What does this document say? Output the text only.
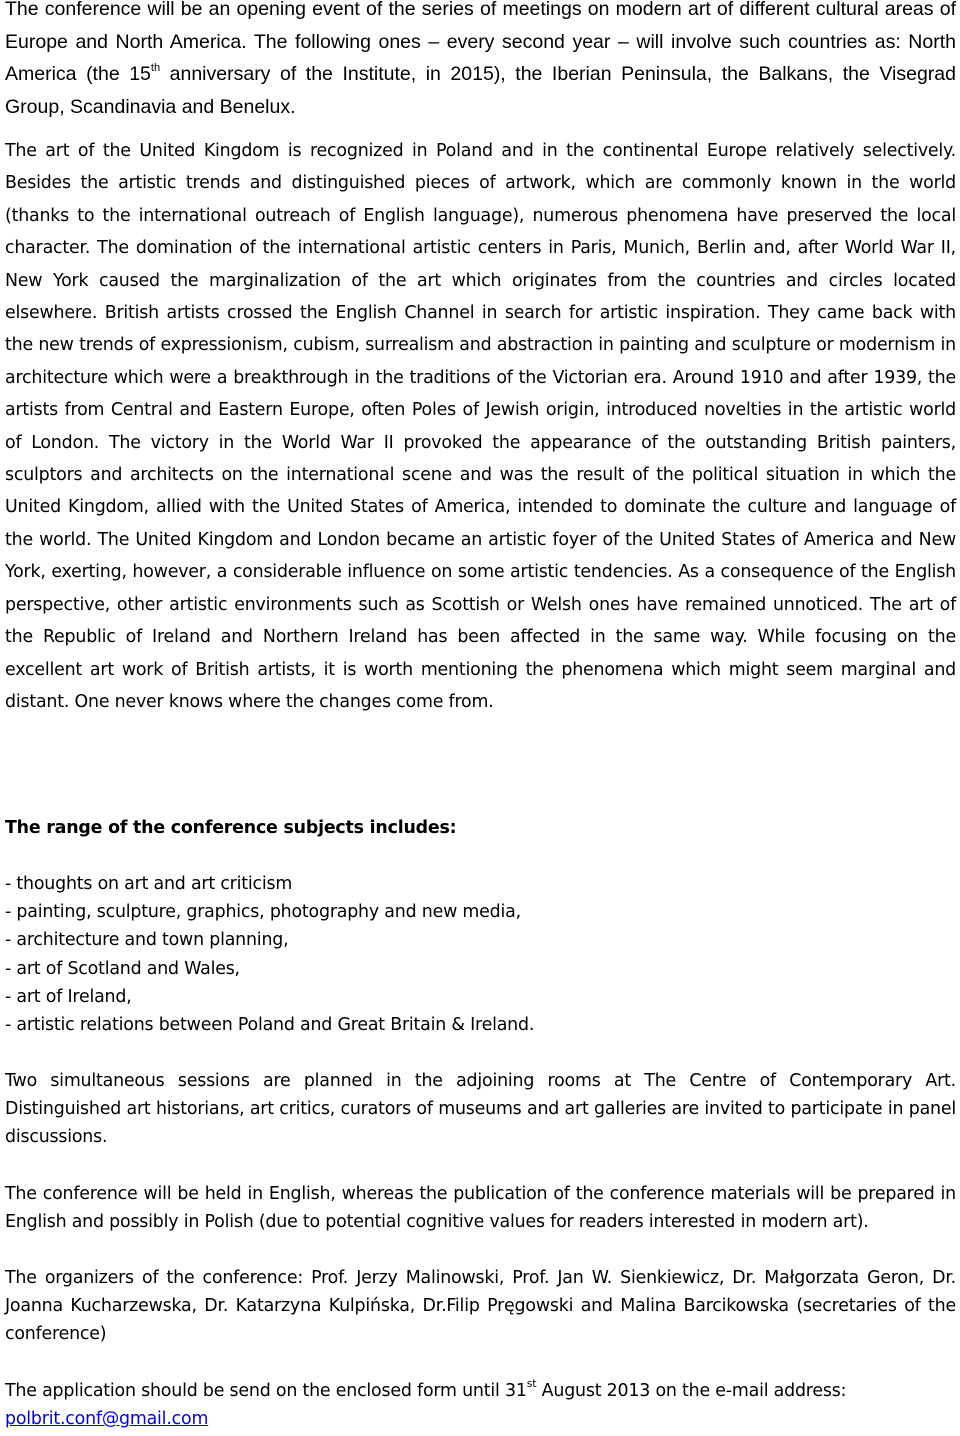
The conference will be an opening event of the series of meetings on modern art of different cultural areas of Europe and North America. The following ones – every second year – will involve such countries as: North America (the 15th anniversary of the Institute, in 2015), the Iberian Peninsula, the Balkans, the Visegrad Group, Scandinavia and Benelux.

The art of the United Kingdom is recognized in Poland and in the continental Europe relatively selectively. Besides the artistic trends and distinguished pieces of artwork, which are commonly known in the world (thanks to the international outreach of English language), numerous phenomena have preserved the local character. The domination of the international artistic centers in Paris, Munich, Berlin and, after World War II, New York caused the marginalization of the art which originates from the countries and circles located elsewhere. British artists crossed the English Channel in search for artistic inspiration. They came back with the new trends of expressionism, cubism, surrealism and abstraction in painting and sculpture or modernism in architecture which were a breakthrough in the traditions of the Victorian era. Around 1910 and after 1939, the artists from Central and Eastern Europe, often Poles of Jewish origin, introduced novelties in the artistic world of London. The victory in the World War II provoked the appearance of the outstanding British painters, sculptors and architects on the international scene and was the result of the political situation in which the United Kingdom, allied with the United States of America, intended to dominate the culture and language of the world. The United Kingdom and London became an artistic foyer of the United States of America and New York, exerting, however, a considerable influence on some artistic tendencies. As a consequence of the English perspective, other artistic environments such as Scottish or Welsh ones have remained unnoticed. The art of the Republic of Ireland and Northern Ireland has been affected in the same way. While focusing on the excellent art work of British artists, it is worth mentioning the phenomena which might seem marginal and distant. One never knows where the changes come from.

The range of the conference subjects includes:

- thoughts on art and art criticism
- painting, sculpture, graphics, photography and new media,
- architecture and town planning,
- art of Scotland and Wales,
- art of Ireland,
- artistic relations between Poland and Great Britain & Ireland.

Two simultaneous sessions are planned in the adjoining rooms at The Centre of Contemporary Art. Distinguished art historians, art critics, curators of museums and art galleries are invited to participate in panel discussions.

The conference will be held in English, whereas the publication of the conference materials will be prepared in English and possibly in Polish (due to potential cognitive values for readers interested in modern art).

The organizers of the conference: Prof. Jerzy Malinowski, Prof. Jan W. Sienkiewicz, Dr. Małgorzata Geron, Dr. Joanna Kucharzewska, Dr. Katarzyna Kulpińska, Dr.Filip Pręgowski and Malina Barcikowska (secretaries of the conference)

The application should be send on the enclosed form until 31st August 2013 on the e-mail address:
polbrit.conf@gmail.com
